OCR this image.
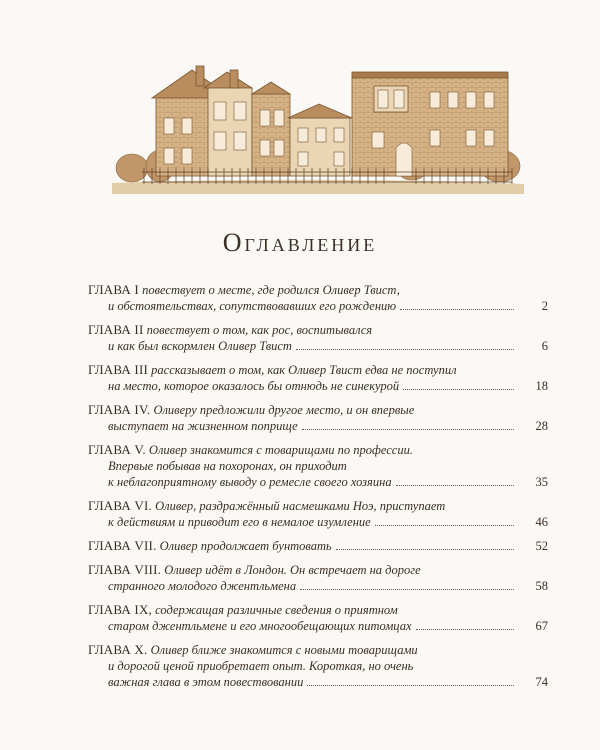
Оглавление
ГЛАВА I повествует о месте, где родился Оливер Твист,
и обстоятельствах, сопутствовавших его рождению	2
ГЛАВА II повествует о том, как рос, воспитывался
и как был вскормлен Оливер Твист	6
ГЛАВА III рассказывает о том, как Оливер Твист едва не поступил
на место, которое оказалось бы отнюдь не синекурой	18
ГЛАВА IV. Оливеру предложили другое место, и он впервые
выступает на жизненном поприще	28
ГЛАВА V. Оливер знакомится с товарищами по профессии.
Впервые побывав на похоронах, он приходит
к неблагоприятному выводу о ремесле своего хозяина	35
ГЛАВА VI. Оливер, раздражённый насмешками Ноэ, приступает
к действиям и приводит его в немалое изумление	46
ГЛАВА VII. Оливер продолжает бунтовать	52
ГЛАВА VIII. Оливер идёт в Лондон. Он встречает на дороге
странного молодого джентльмена	58
ГЛАВА IX, содержащая различные сведения о приятном
старом джентльмене и его многообещающих питомцах	67
ГЛАВА X. Оливер ближе знакомится с новыми товарищами
и дорогой ценой приобретает опыт. Короткая, но очень
важная глава в этом повествовании	74
